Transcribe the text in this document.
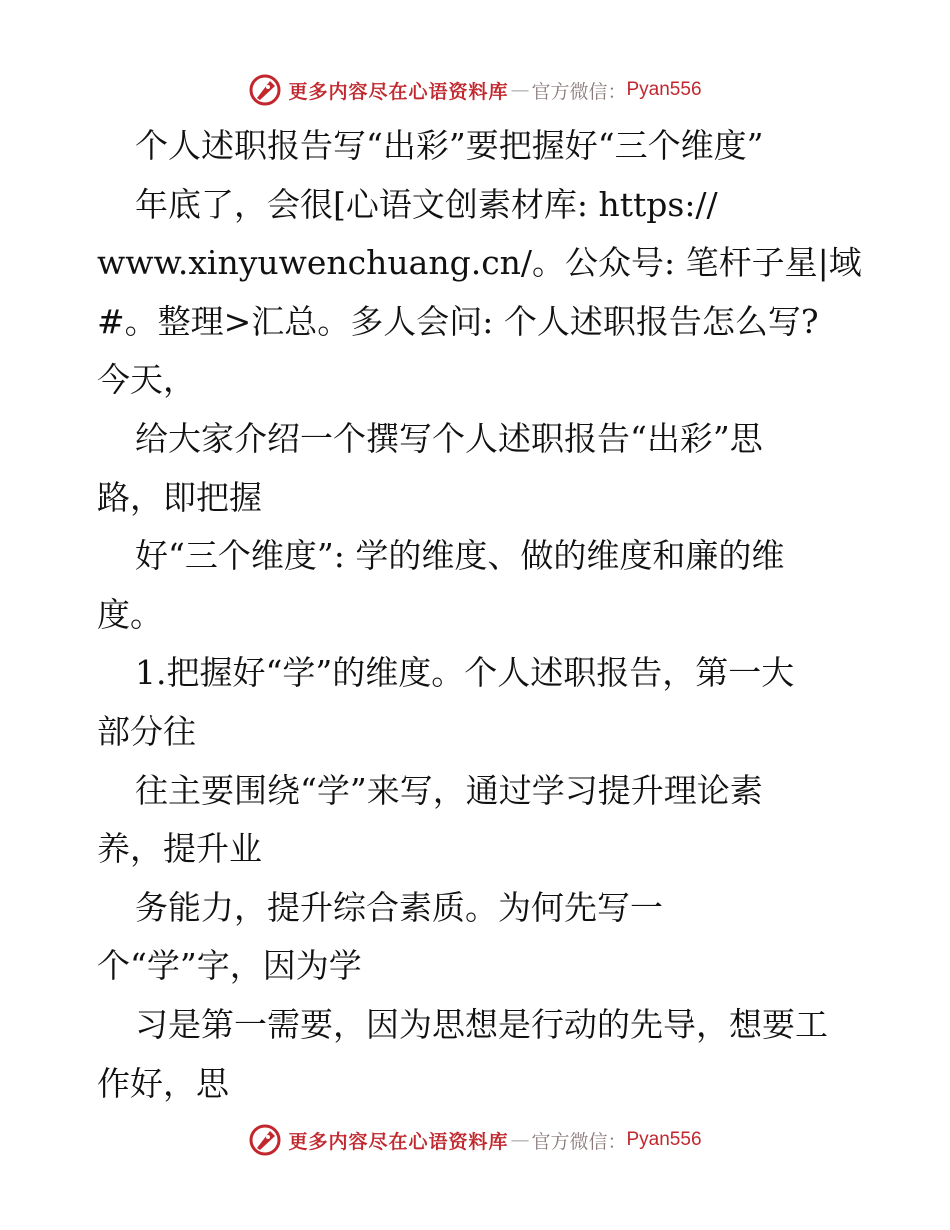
更多内容尽在心语资料库 — 官方微信： Pyan556
个人述职报告写“出彩”要把握好“三个维度”
年底了，会很[心语文创素材库: https://
www.xinyuwenchuang.cn/。公众号: 笔杆子星|域
#。整理>汇总。多人会问: 个人述职报告怎么写?
今天，
给大家介绍一个撰写个人述职报告“出彩”思
路，即把握
好“三个维度”: 学的维度、做的维度和廉的维
度。
1.把握好“学”的维度。个人述职报告，第一大
部分往
往主要围绕“学”来写，通过学习提升理论素
养，提升业
务能力，提升综合素质。为何先写一
个“学”字，因为学
习是第一需要，因为思想是行动的先导，想要工
作好，思
更多内容尽在心语资料库 — 官方微信： Pyan556
